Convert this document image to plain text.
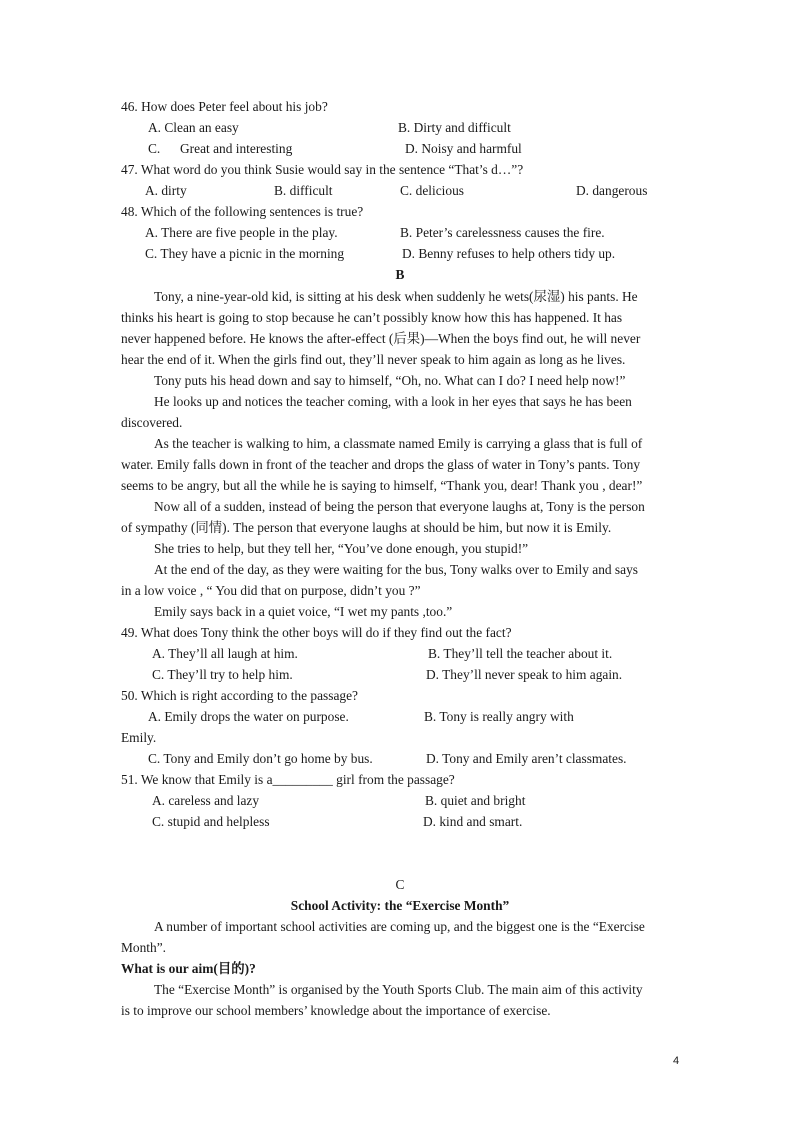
46. How does Peter feel about his job?
A. Clean an easy	B. Dirty and difficult
C. Great and interesting	D. Noisy and harmful
47. What word do you think Susie would say in the sentence “That’s d…”?
A. dirty	B. difficult	C. delicious	D. dangerous
48. Which of the following sentences is true?
A. There are five people in the play.	B. Peter’s carelessness causes the fire.
C. They have a picnic in the morning	D. Benny refuses to help others tidy up.
B
Tony, a nine-year-old kid, is sitting at his desk when suddenly he wets(尿湿) his pants. He
thinks his heart is going to stop because he can’t possibly know how this has happened. It has
never happened before. He knows the after-effect (后果)—When the boys find out, he will never
hear the end of it. When the girls find out, they’ll never speak to him again as long as he lives.
Tony puts his head down and say to himself, “Oh, no. What can I do? I need help now!”
He looks up and notices the teacher coming, with a look in her eyes that says he has been
discovered.
As the teacher is walking to him, a classmate named Emily is carrying a glass that is full of
water. Emily falls down in front of the teacher and drops the glass of water in Tony’s pants. Tony
seems to be angry, but all the while he is saying to himself, “Thank you, dear! Thank you , dear!”
Now all of a sudden, instead of being the person that everyone laughs at, Tony is the person
of sympathy (同情). The person that everyone laughs at should be him, but now it is Emily.
She tries to help, but they tell her, “You’ve done enough, you stupid!”
At the end of the day, as they were waiting for the bus, Tony walks over to Emily and says
in a low voice , “ You did that on purpose, didn’t you ?”
Emily says back in a quiet voice, “I wet my pants ,too.”
49. What does Tony think the other boys will do if they find out the fact?
A. They’ll all laugh at him.	B. They’ll tell the teacher about it.
C. They’ll try to help him.	D. They’ll never speak to him again.
50. Which is right according to the passage?
A. Emily drops the water on purpose.	B. Tony is really angry with
Emily.
C. Tony and Emily don’t go home by bus.	D. Tony and Emily aren’t classmates.
51. We know that Emily is a_________ girl from the passage?
A. careless and lazy	B. quiet and bright
C. stupid and helpless	D. kind and smart.
C
School Activity: the “Exercise Month”
A number of important school activities are coming up, and the biggest one is the “Exercise
Month”.
What is our aim(目的)?
The “Exercise Month” is organised by the Youth Sports Club. The main aim of this activity
is to improve our school members’ knowledge about the importance of exercise.
4
